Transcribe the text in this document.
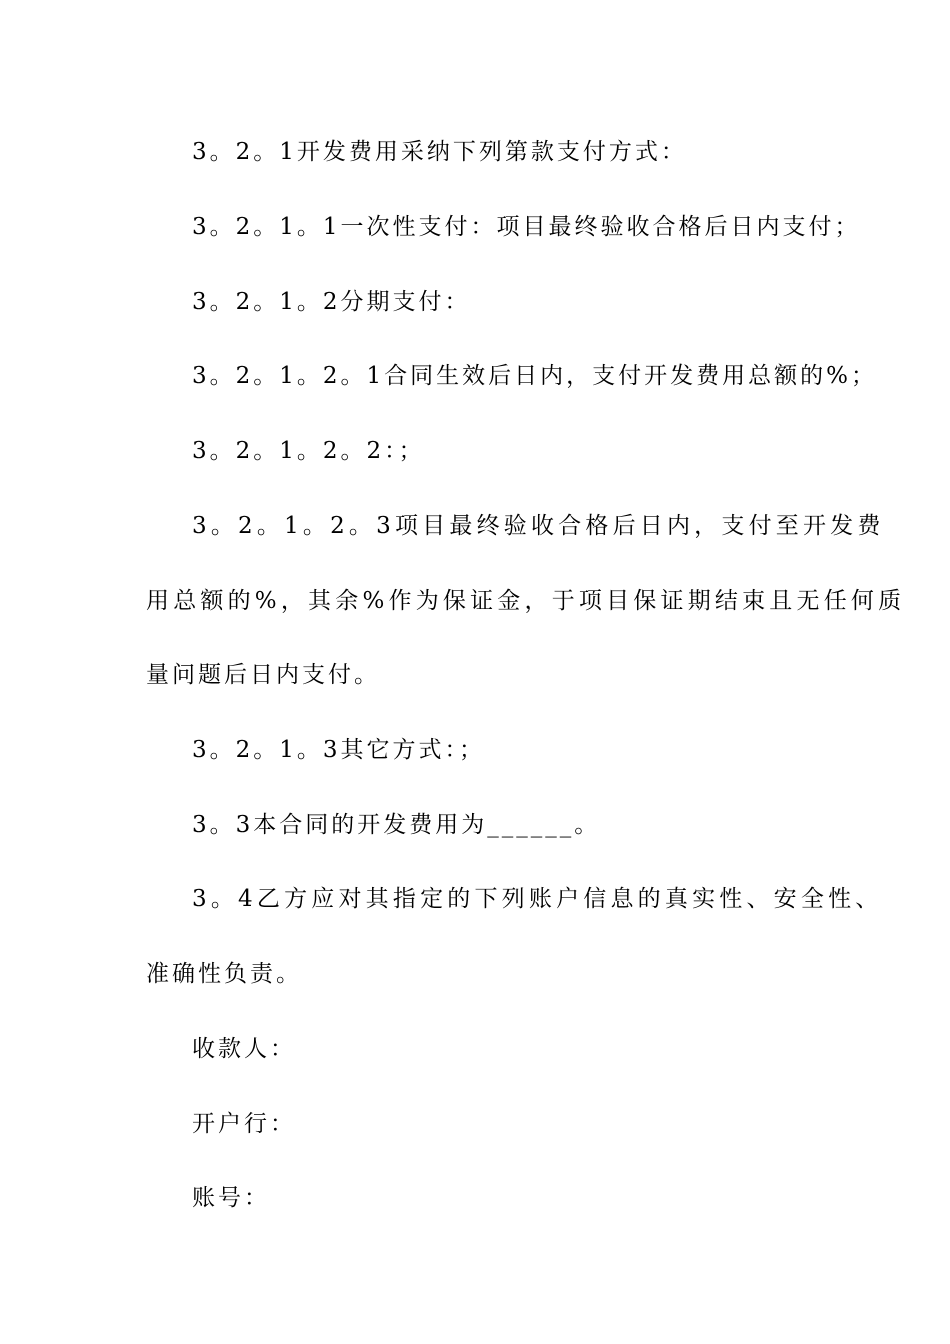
3。2。1开发费用采纳下列第款支付方式：
3。2。1。1一次性支付：项目最终验收合格后日内支付；
3。2。1。2分期支付：
3。2。1。2。1合同生效后日内，支付开发费用总额的%；
3。2。1。2。2：；
3。2。1。2。3项目最终验收合格后日内，支付至开发费
用总额的%，其余%作为保证金，于项目保证期结束且无任何质
量问题后日内支付。
3。2。1。3其它方式：；
3。3本合同的开发费用为______。
3。4乙方应对其指定的下列账户信息的真实性、安全性、
准确性负责。
收款人：
开户行：
账号：
